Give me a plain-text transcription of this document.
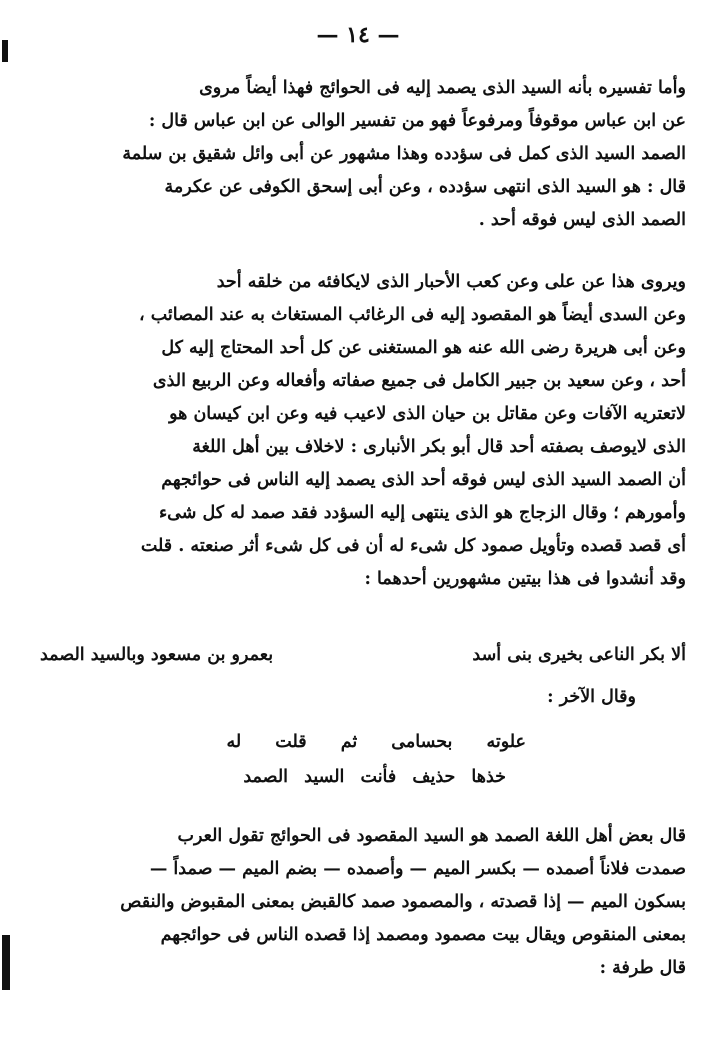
— ١٤ —
وأما تفسيره بأنه السيد الذى يصمد إليه فى الحوائج فهذا أيضاً مروى
عن ابن عباس موقوفاً ومرفوعاً فهو من تفسير الوالى عن ابن عباس قال :
الصمد السيد الذى كمل فى سؤدده وهذا مشهور عن أبى وائل شقيق بن سلمة
قال : هو السيد الذى انتهى سؤدده ، وعن أبى إسحق الكوفى عن عكرمة
الصمد الذى ليس فوقه أحد .
ويروى هذا عن على وعن كعب الأحبار الذى لايكافئه من خلقه أحد
وعن السدى أيضاً هو المقصود إليه فى الرغائب المستغاث به عند المصائب ،
وعن أبى هريرة رضى الله عنه هو المستغنى عن كل أحد المحتاج إليه كل
أحد ، وعن سعيد بن جبير الكامل فى جميع صفاته وأفعاله وعن الربيع الذى
لاتعتريه الآفات وعن مقاتل بن حيان الذى لاعيب فيه وعن ابن كيسان هو
الذى لايوصف بصفته أحد قال أبو بكر الأنبارى : لاخلاف بين أهل اللغة
أن الصمد السيد الذى ليس فوقه أحد الذى يصمد إليه الناس فى حوائجهم
وأمورهم ؛ وقال الزجاج هو الذى ينتهى إليه السؤدد فقد صمد له كل شىء
أى قصد قصده وتأويل صمود كل شىء له أن فى كل شىء أثر صنعته . قلت
وقد أنشدوا فى هذا بيتين مشهورين أحدهما :
ألا بكر الناعى بخيرى بنى أسد
بعمرو بن مسعود وبالسيد الصمد
وقال الآخر :
علوته بحسامى ثم قلت له
خذها حذيف فأنت السيد الصمد
قال بعض أهل اللغة الصمد هو السيد المقصود فى الحوائج تقول العرب
صمدت فلاناً أصمده — بكسر الميم — وأصمده — بضم الميم — صمداً —
بسكون الميم — إذا قصدته ، والمصمود صمد كالقبض بمعنى المقبوض والنقص
بمعنى المنقوص ويقال بيت مصمود ومصمد إذا قصده الناس فى حوائجهم
قال طرفة :
